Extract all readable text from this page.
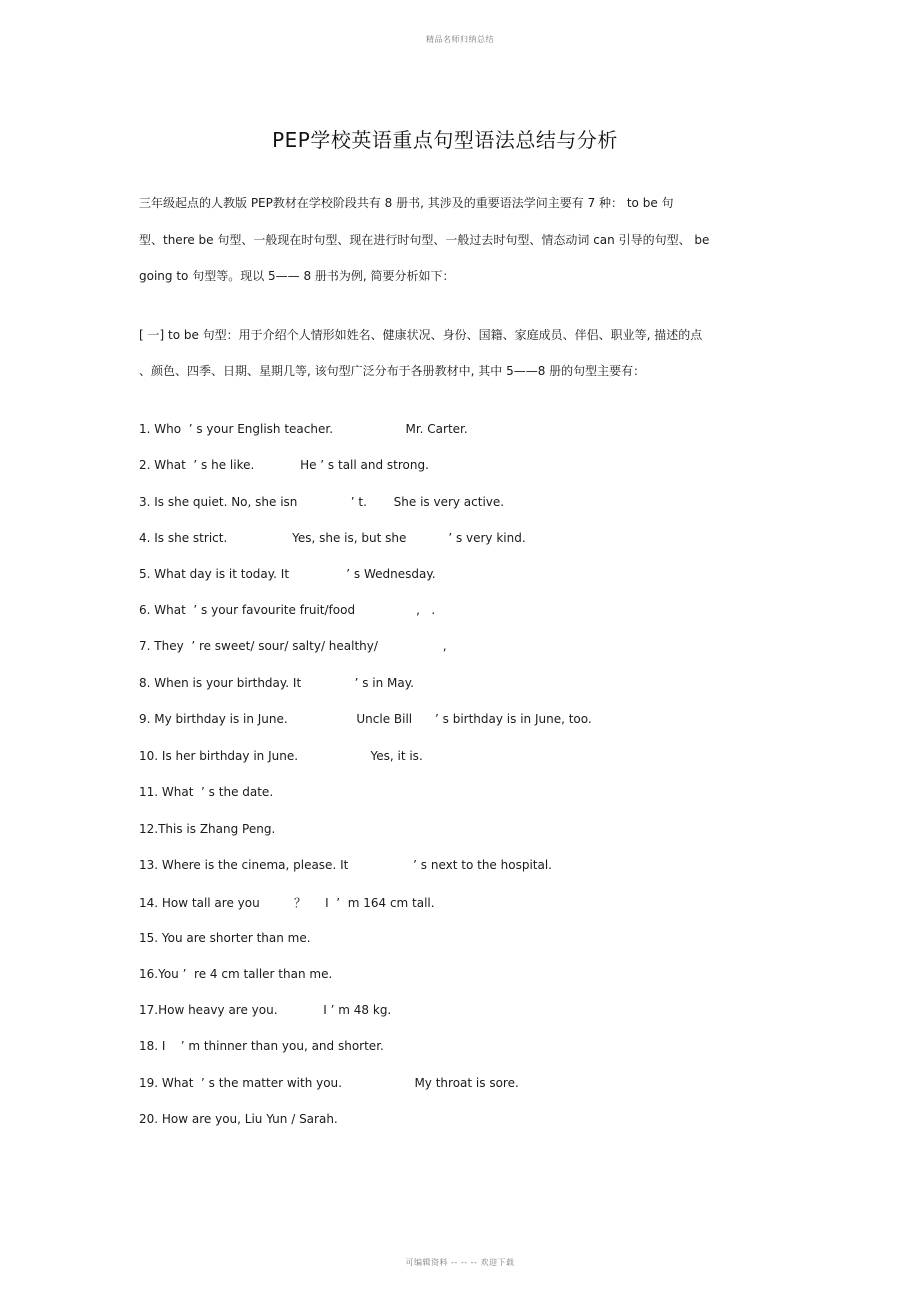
精品名师归纳总结
PEP学校英语重点句型语法总结与分析
三年级起点的人教版 PEP教材在学校阶段共有 8 册书, 其涉及的重要语法学问主要有 7 种： to be 句
型、there be 句型、一般现在时句型、现在进行时句型、一般过去时句型、情态动词 can 引导的句型、 be
going to 句型等。现以 5—— 8 册书为例, 简要分析如下：
[ 一] to be 句型：用于介绍个人情形如姓名、健康状况、身份、国籍、家庭成员、伴侣、职业等, 描述的点
、颜色、四季、日期、星期几等, 该句型广泛分布于各册教材中, 其中 5——8 册的句型主要有：
1. Who  ’ s your English teacher.                   Mr. Carter.
2. What  ’ s he like.            He ’ s tall and strong.
3. Is she quiet. No, she isn              ’ t.       She is very active.
4. Is she strict.                 Yes, she is, but she           ’ s very kind.
5. What day is it today. It               ’ s Wednesday.
6. What  ’ s your favourite fruit/food                ,   .
7. They  ’ re sweet/ sour/ salty/ healthy/                 ,
8. When is your birthday. It              ’ s in May.
9. My birthday is in June.                  Uncle Bill      ’ s birthday is in June, too.
10. Is her birthday in June.                   Yes, it is.
11. What  ’ s the date.
12.This is Zhang Peng.
13. Where is the cinema, please. It                 ’ s next to the hospital.
14. How tall are you         ？     I  ’  m 164 cm tall.
15. You are shorter than me.
16.You ’  re 4 cm taller than me.
17.How heavy are you.            I ’ m 48 kg.
18. I    ’ m thinner than you, and shorter.
19. What  ’ s the matter with you.                   My throat is sore.
20. How are you, Liu Yun / Sarah.
可编辑资料 -- -- -- 欢迎下载
